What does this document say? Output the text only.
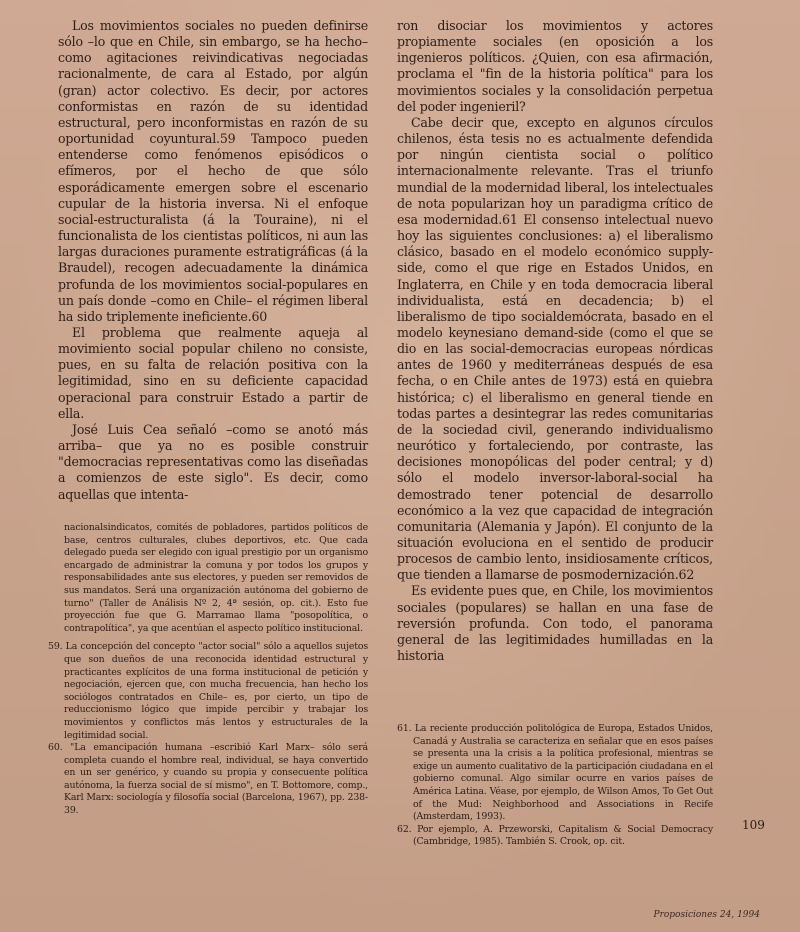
Los movimientos sociales no pueden definirse sólo –lo que en Chile, sin embargo, se ha hecho– como agitaciones reivindicativas negociadas racionalmente, de cara al Estado, por algún (gran) actor colectivo. Es decir, por actores conformistas en razón de su identidad estructural, pero inconformistas en razón de su oportunidad coyuntural.59 Tampoco pueden entenderse como fenómenos episódicos o efímeros, por el hecho de que sólo esporádicamente emergen sobre el escenario cupular de la historia inversa. Ni el enfoque social-estructuralista (á la Touraine), ni el funcionalista de los cientistas políticos, ni aun las largas duraciones puramente estratigráficas (á la Braudel), recogen adecuadamente la dinámica profunda de los movimientos social-populares en un país donde –como en Chile– el régimen liberal ha sido triplemente ineficiente.60

El problema que realmente aqueja al movimiento social popular chileno no consiste, pues, en su falta de relación positiva con la legitimidad, sino en su deficiente capacidad operacional para construir Estado a partir de ella.

José Luis Cea señaló –como se anotó más arriba– que ya no es posible construir "democracias representativas como las diseñadas a comienzos de este siglo". Es decir, como aquellas que intenta-

ron disociar los movimientos y actores propiamente sociales (en oposición a los ingenieros políticos. ¿Quien, con esa afirmación, proclama el "fin de la historia política" para los movimientos sociales y la consolidación perpetua del poder ingenieril?

Cabe decir que, excepto en algunos círculos chilenos, ésta tesis no es actualmente defendida por ningún cientista social o político internacionalmente relevante. Tras el triunfo mundial de la modernidad liberal, los intelectuales de nota popularizan hoy un paradigma crítico de esa modernidad.61 El consenso intelectual nuevo hoy las siguientes conclusiones: a) el liberalismo clásico, basado en el modelo económico supply-side, como el que rige en Estados Unidos, en Inglaterra, en Chile y en toda democracia liberal individualista, está en decadencia; b) el liberalismo de tipo socialdemócrata, basado en el modelo keynesiano demand-side (como el que se dio en las social-democracias europeas nórdicas antes de 1960 y mediterráneas después de esa fecha, o en Chile antes de 1973) está en quiebra histórica; c) el liberalismo en general tiende en todas partes a desintegrar las redes comunitarias de la sociedad civil, generando individualismo neurótico y fortaleciendo, por contraste, las decisiones monopólicas del poder central; y d) sólo el modelo inversor-laboral-social ha demostrado tener potencial de desarrollo económico a la vez que capacidad de integración comunitaria (Alemania y Japón). El conjunto de la situación evoluciona en el sentido de producir procesos de cambio lento, insidiosamente críticos, que tienden a llamarse de posmodernización.62

Es evidente pues que, en Chile, los movimientos sociales (populares) se hallan en una fase de reversión profunda. Con todo, el panorama general de las legitimidades humilladas en la historia

nacionalsindicatos, comités de pobladores, partidos políticos de base, centros culturales, clubes deportivos, etc. Que cada delegado pueda ser elegido con igual prestigio por un organismo encargado de administrar la comuna y por todos los grupos y responsabilidades ante sus electores, y pueden ser removidos de sus mandatos. Será una organización autónoma del gobierno de turno" (Taller de Análisis Nº 2, 4ª sesión, op. cit.). Esto fue proyección fue que G. Marramao llama "posopolítica, o contrapolítica", ya que acentúan el aspecto político institucional.

59. La concepción del concepto "actor social" sólo a aquellos sujetos que son dueños de una reconocida identidad estructural y practicantes explícitos de una forma institucional de petición y negociación, ejercen que, con mucha frecuencia, han hecho los sociólogos contratados en Chile– es, por cierto, un tipo de reduccionismo lógico que impide percibir y trabajar los movimientos y conflictos más lentos y estructurales de la legitimidad social.

60. "La emancipación humana –escribió Karl Marx– sólo será completa cuando el hombre real, individual, se haya convertido en un ser genérico, y cuando su propia y consecuente política autónoma, la fuerza social de sí mismo", en T. Bottomore, comp., Karl Marx: sociología y filosofía social (Barcelona, 1967), pp. 238-39.

61. La reciente producción politológica de Europa, Estados Unidos, Canadá y Australia se caracteriza en señalar que en esos países se presenta una la crisis a la política profesional, mientras se exige un aumento cualitativo de la participación ciudadana en el gobierno comunal. Algo similar ocurre en varios países de América Latina. Véase, por ejemplo, de Wilson Amos, To Get Out of the Mud: Neighborhood and Associations in Recife (Amsterdam, 1993).

62. Por ejemplo, A. Przeworski, Capitalism & Social Democracy (Cambridge, 1985). También S. Crook, op. cit.

109
Proposiciones 24, 1994
